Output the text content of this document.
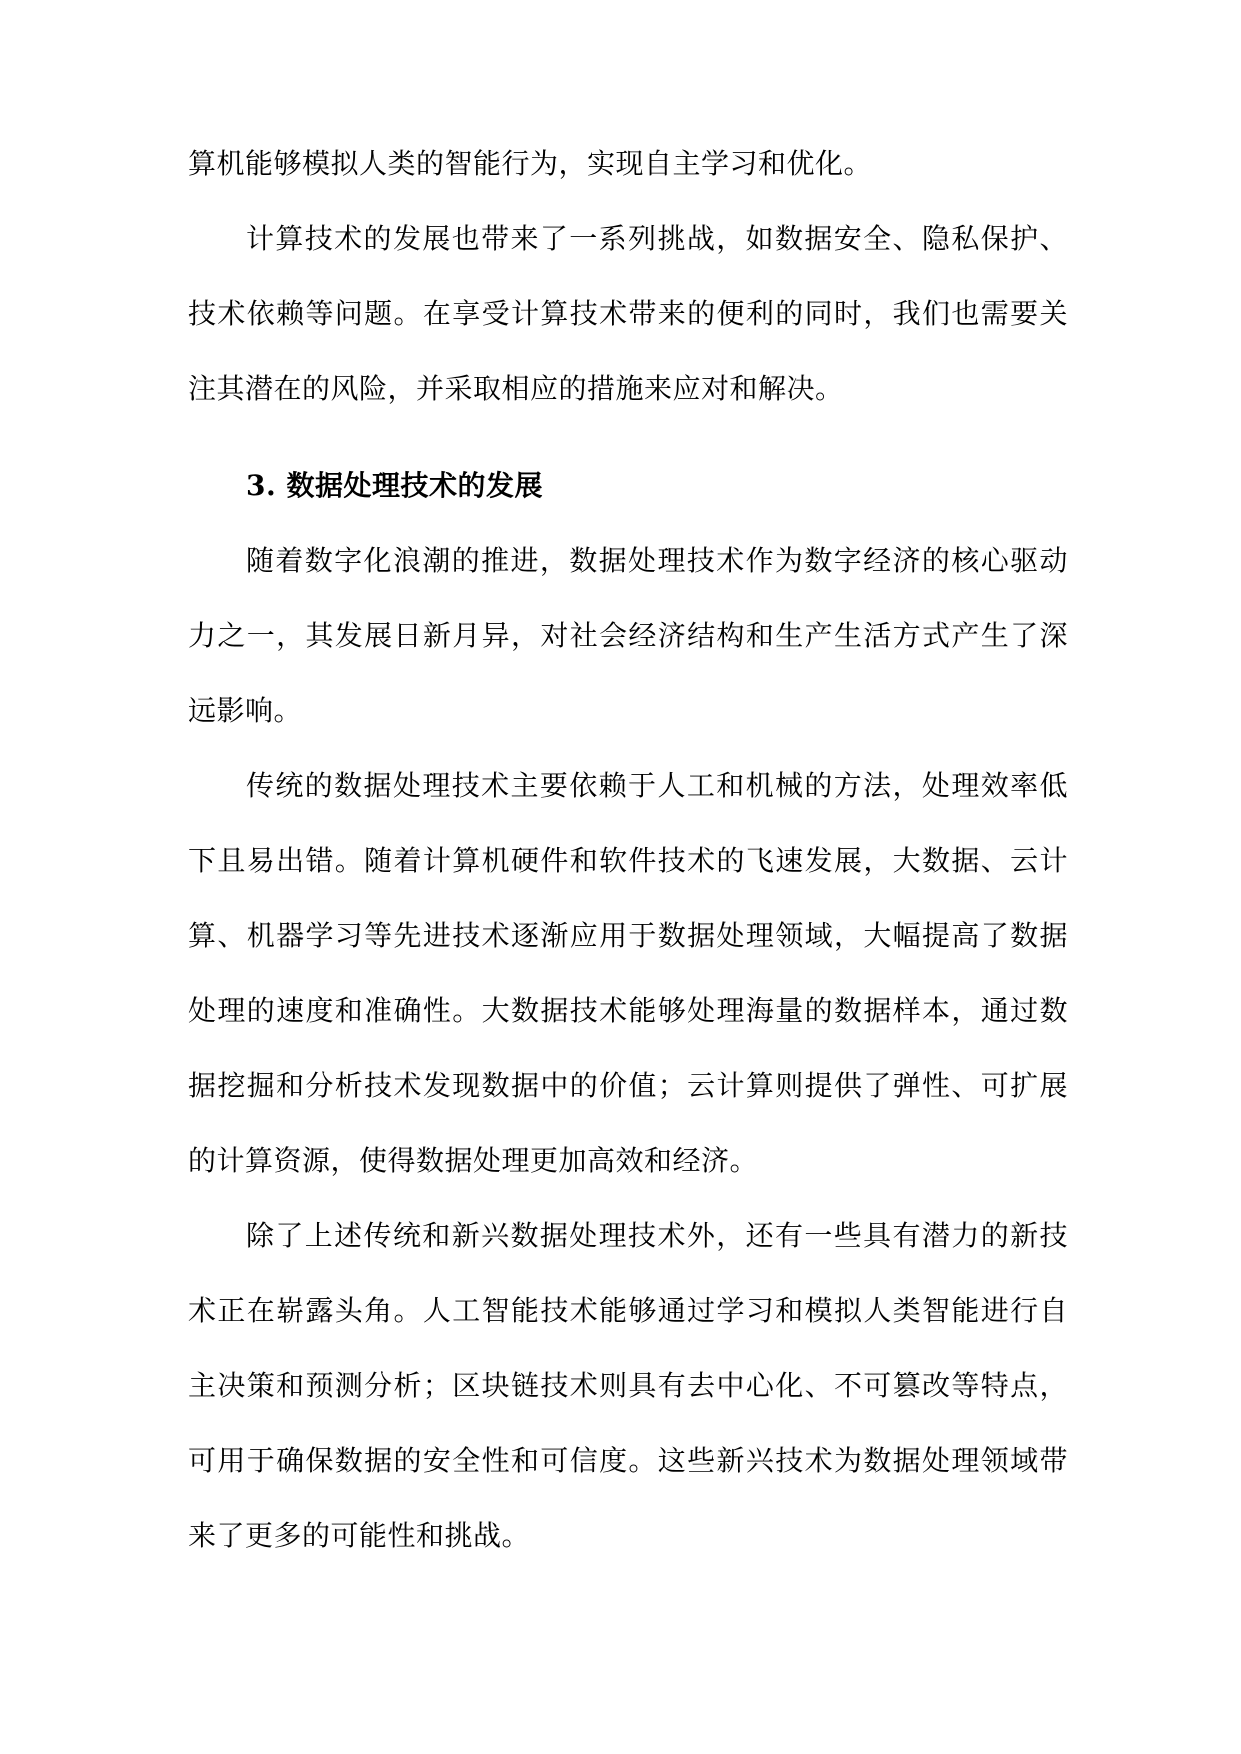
算机能够模拟人类的智能行为，实现自主学习和优化。

计算技术的发展也带来了一系列挑战，如数据安全、隐私保护、技术依赖等问题。在享受计算技术带来的便利的同时，我们也需要关注其潜在的风险，并采取相应的措施来应对和解决。

3. 数据处理技术的发展

随着数字化浪潮的推进，数据处理技术作为数字经济的核心驱动力之一，其发展日新月异，对社会经济结构和生产生活方式产生了深远影响。

传统的数据处理技术主要依赖于人工和机械的方法，处理效率低下且易出错。随着计算机硬件和软件技术的飞速发展，大数据、云计算、机器学习等先进技术逐渐应用于数据处理领域，大幅提高了数据处理的速度和准确性。大数据技术能够处理海量的数据样本，通过数据挖掘和分析技术发现数据中的价值；云计算则提供了弹性、可扩展的计算资源，使得数据处理更加高效和经济。

除了上述传统和新兴数据处理技术外，还有一些具有潜力的新技术正在崭露头角。人工智能技术能够通过学习和模拟人类智能进行自主决策和预测分析；区块链技术则具有去中心化、不可篡改等特点，可用于确保数据的安全性和可信度。这些新兴技术为数据处理领域带来了更多的可能性和挑战。
